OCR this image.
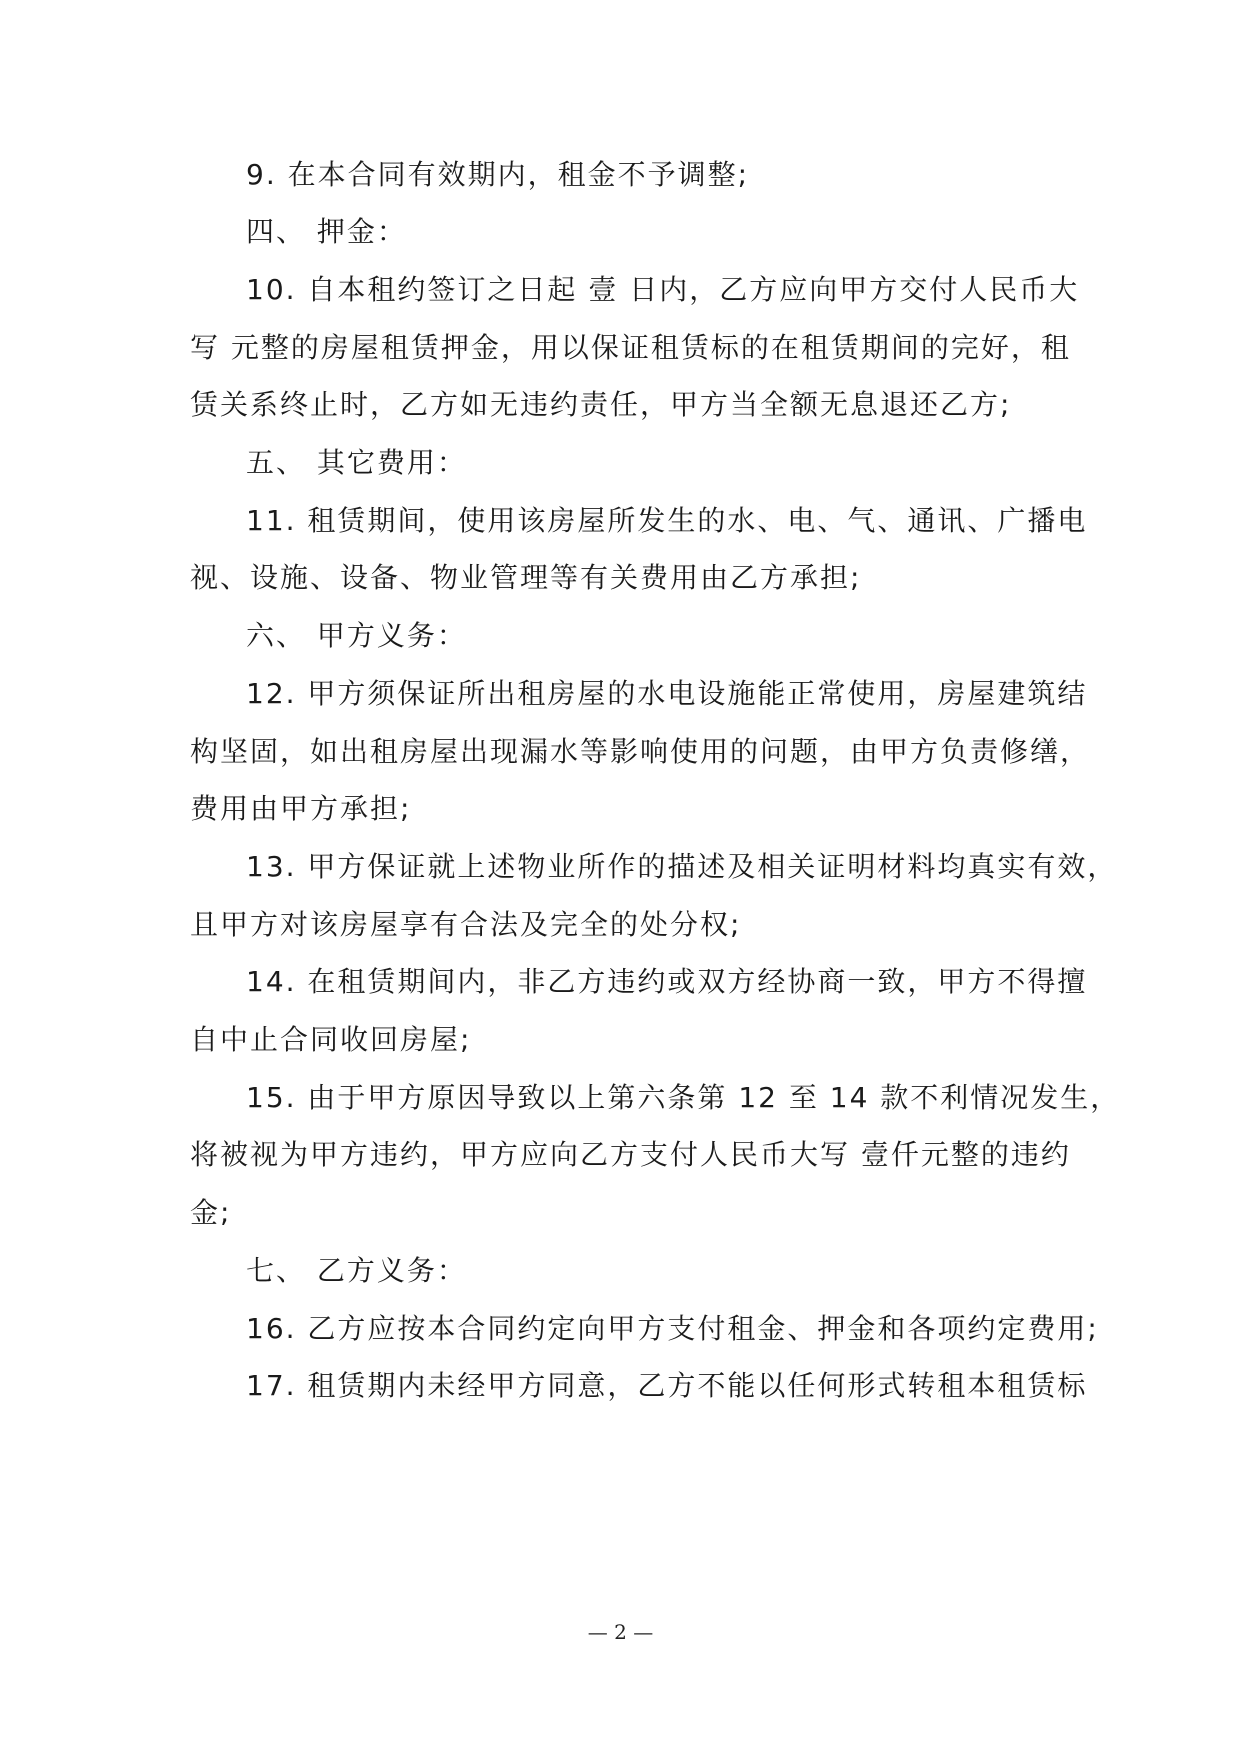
9. 在本合同有效期内，租金不予调整;
四、 押金：
10. 自本租约签订之日起 壹 日内，乙方应向甲方交付人民币大
写 元整的房屋租赁押金，用以保证租赁标的在租赁期间的完好，租
赁关系终止时，乙方如无违约责任，甲方当全额无息退还乙方;
五、 其它费用：
11. 租赁期间，使用该房屋所发生的水、电、气、通讯、广播电
视、设施、设备、物业管理等有关费用由乙方承担;
六、 甲方义务：
12. 甲方须保证所出租房屋的水电设施能正常使用，房屋建筑结
构坚固，如出租房屋出现漏水等影响使用的问题，由甲方负责修缮，
费用由甲方承担;
13. 甲方保证就上述物业所作的描述及相关证明材料均真实有效，
且甲方对该房屋享有合法及完全的处分权;
14. 在租赁期间内，非乙方违约或双方经协商一致，甲方不得擅
自中止合同收回房屋;
15. 由于甲方原因导致以上第六条第 12 至 14 款不利情况发生，
将被视为甲方违约，甲方应向乙方支付人民币大写 壹仟元整的违约
金;
七、 乙方义务：
16. 乙方应按本合同约定向甲方支付租金、押金和各项约定费用;
17. 租赁期内未经甲方同意，乙方不能以任何形式转租本租赁标
— 2 —
